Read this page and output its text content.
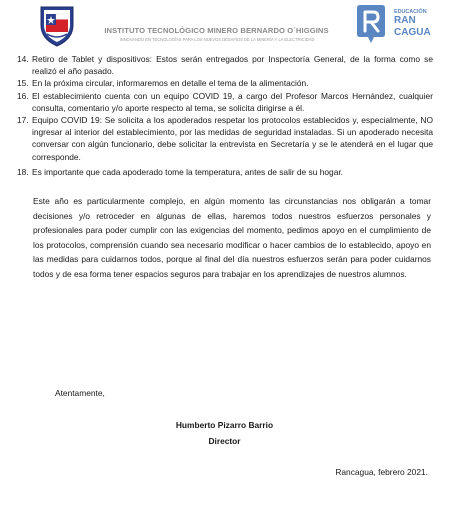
INSTITUTO TECNOLÓGICO MINERO BERNARDO O´HIGGINS
INNOVANDO EN TECNOLOGÍAS PARA LOS NUEVOS DESAFÍOS DE LA MINERÍA Y LA ELECTRICIDAD
EDUCACIÓN
RAN
CAGUA
14. Retiro de Tablet y dispositivos: Estos serán entregados por Inspectoría General, de la forma como se realizó el año pasado.
15. En la próxima circular, informaremos en detalle el tema de la alimentación.
16. El establecimiento cuenta con un equipo COVID 19, a cargo del Profesor Marcos Hernández, cualquier consulta, comentario y/o aporte respecto al tema, se solicita dirigirse a él.
17. Equipo COVID 19: Se solicita a los apoderados respetar los protocolos establecidos y, especialmente, NO ingresar al interior del establecimiento, por las medidas de seguridad instaladas. Si un apoderado necesita conversar con algún funcionario, debe solicitar la entrevista en Secretaría y se le atenderá en el lugar que corresponde.
18. Es importante que cada apoderado tome la temperatura, antes de salir de su hogar.

Este año es particularmente complejo, en algún momento las circunstancias nos obligarán a tomar decisiones y/o retroceder en algunas de ellas, haremos todos nuestros esfuerzos personales y profesionales para poder cumplir con las exigencias del momento, pedimos apoyo en el cumplimiento de los protocolos, comprensión cuando sea necesario modificar o hacer cambios de lo establecido, apoyo en las medidas para cuidarnos todos, porque al final del día nuestros esfuerzos serán para poder cuidarnos todos y de esa forma tener espacios seguros para trabajar en los aprendizajes de nuestros alumnos.

Atentamente,
Humberto Pizarro Barrio
Director
Rancagua, febrero 2021.
